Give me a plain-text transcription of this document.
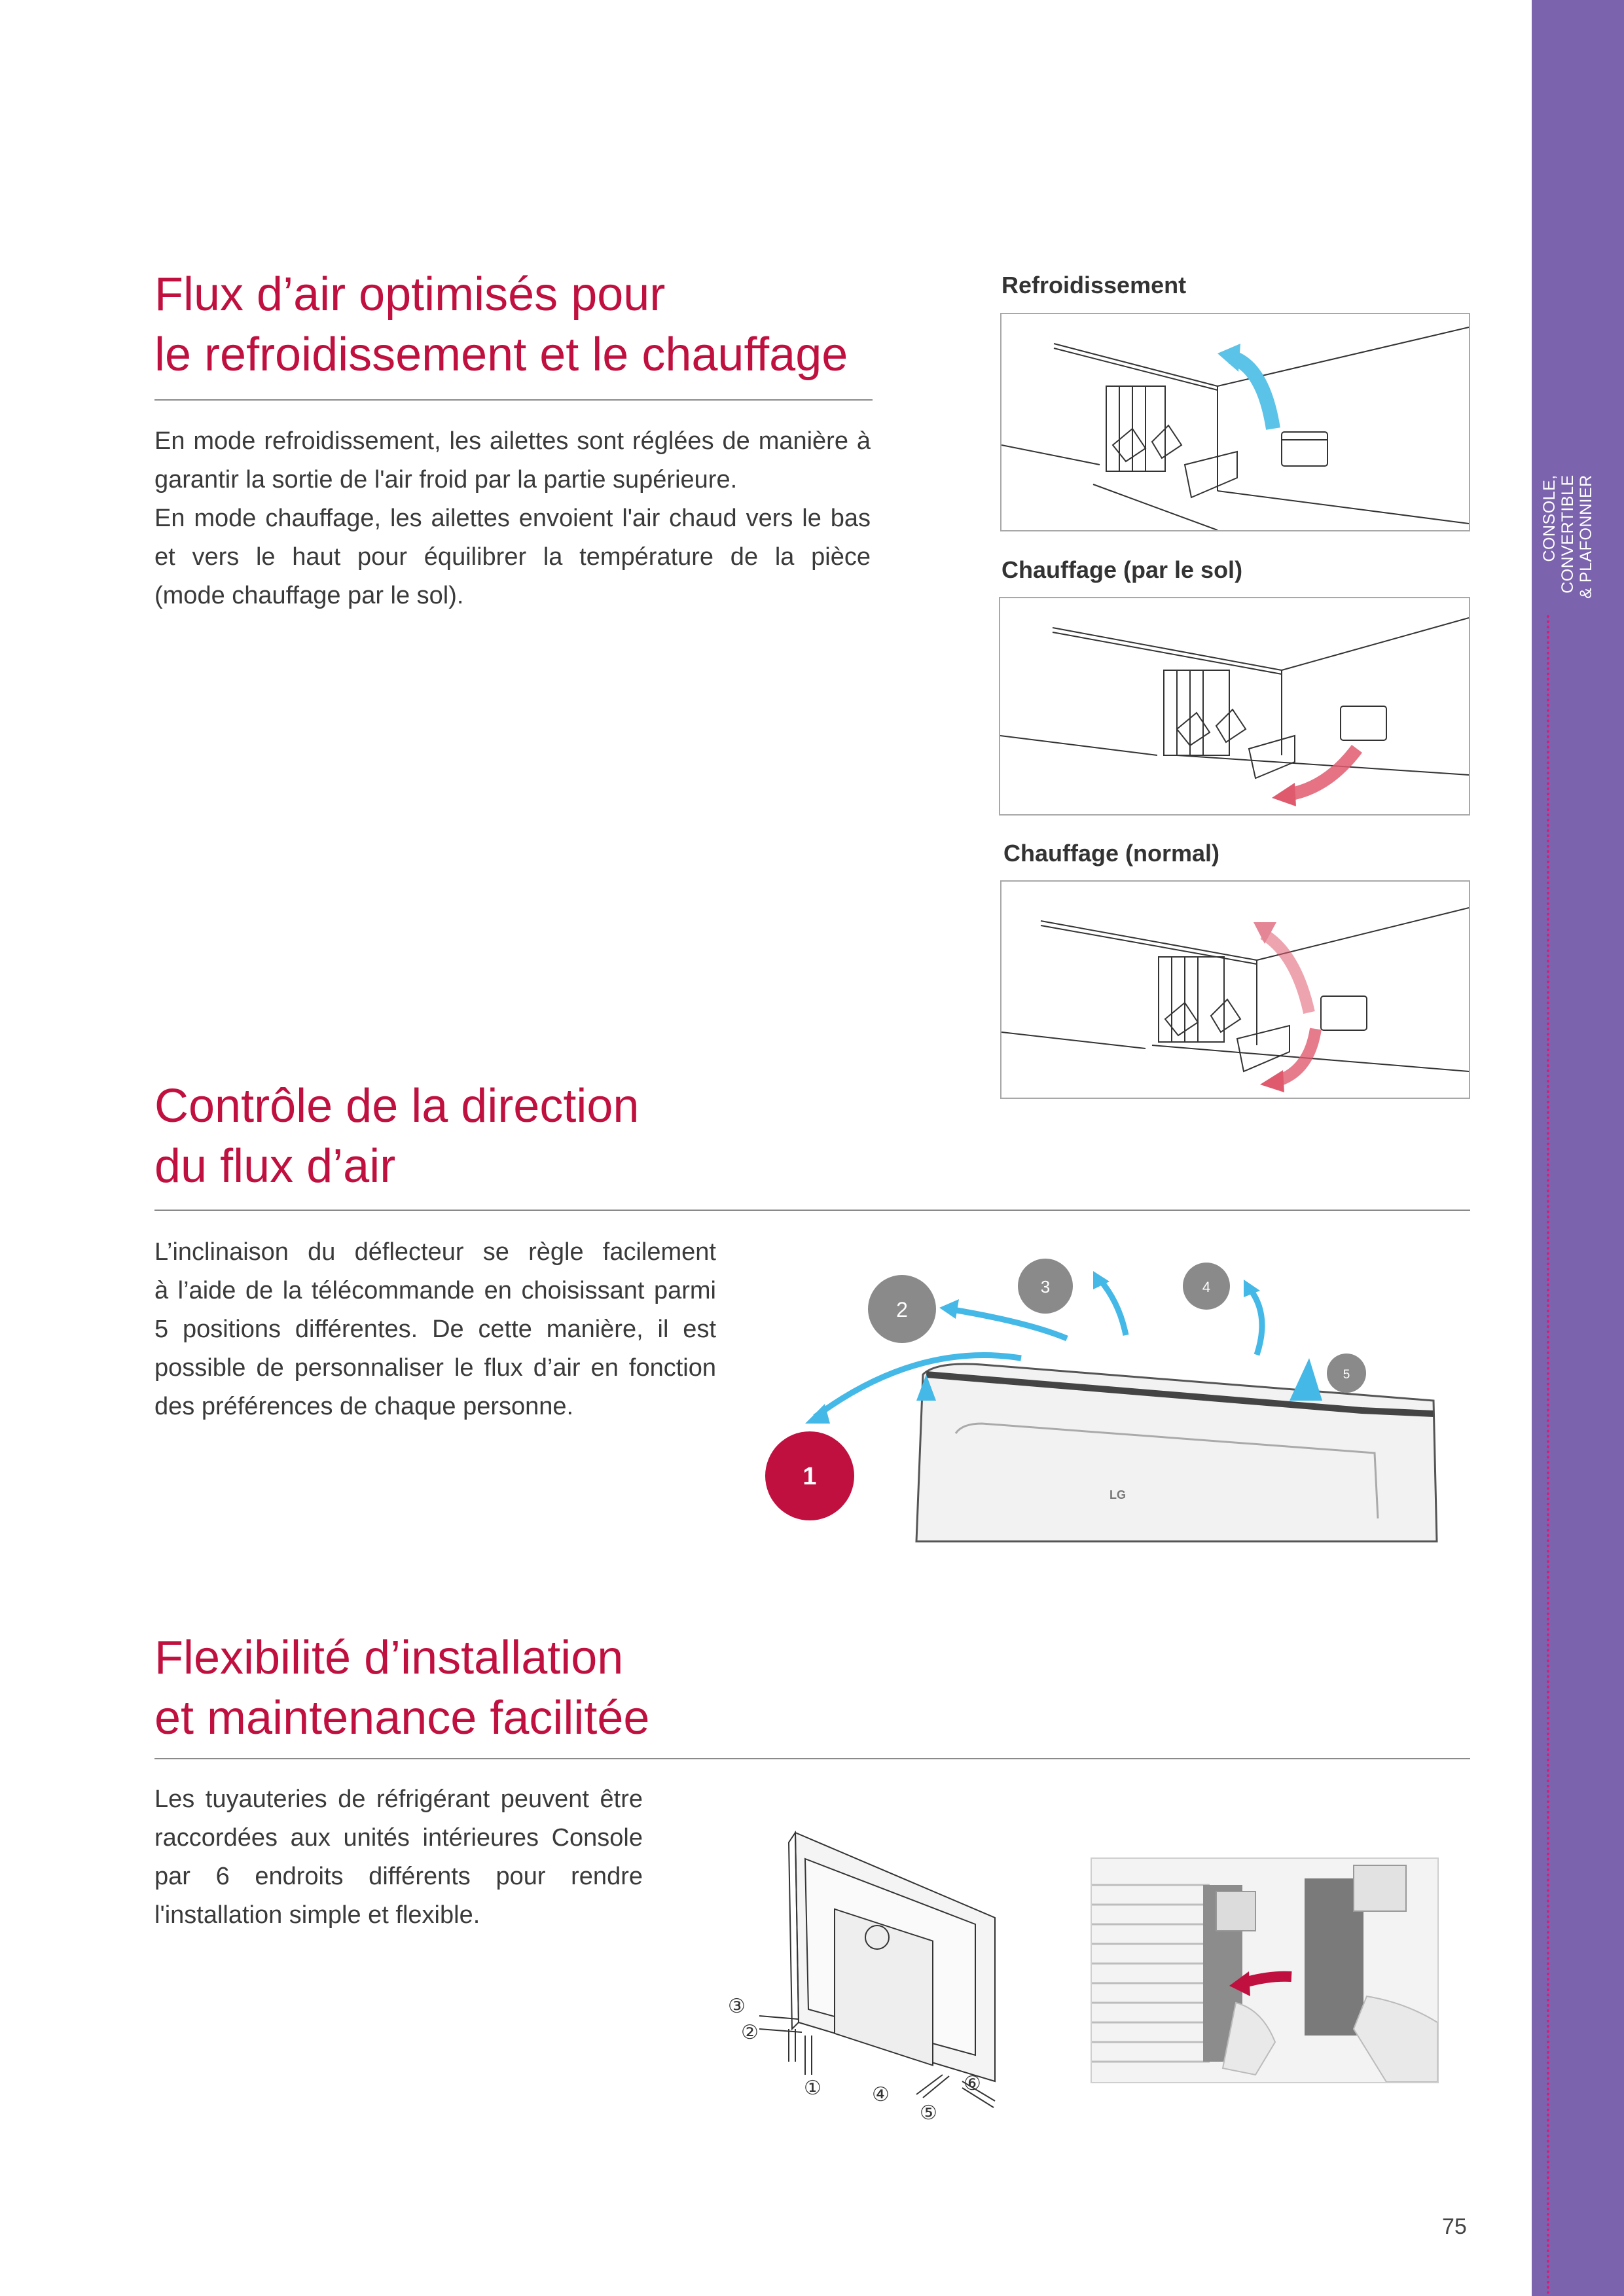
CONSOLE, CONVERTIBLE & PLAFONNIER
Flux d’air optimisés pour
le refroidissement et le chauffage

En mode refroidissement, les ailettes sont réglées de manière à
garantir la sortie de l'air froid par la partie supérieure.
En mode chauffage, les ailettes envoient l'air chaud vers le bas
et vers le haut pour équilibrer la température de la pièce
(mode chauffage par le sol).

Refroidissement
Chauffage (par le sol)
Chauffage (normal)
Contrôle de la direction
du flux d’air

L’inclinaison du déflecteur se règle facilement
à l’aide de la télécommande en choisissant parmi
5 positions différentes. De cette manière, il est
possible de personnaliser le flux d’air en fonction
des préférences de chaque personne.

LG
1
2
3	4
5
Flexibilité d’installation
et maintenance facilitée

Les tuyauteries de réfrigérant peuvent être
raccordées aux unités intérieures Console
par 6 endroits différents pour rendre
l'installation simple et flexible.

①
②
③
④
⑤
⑥
75
